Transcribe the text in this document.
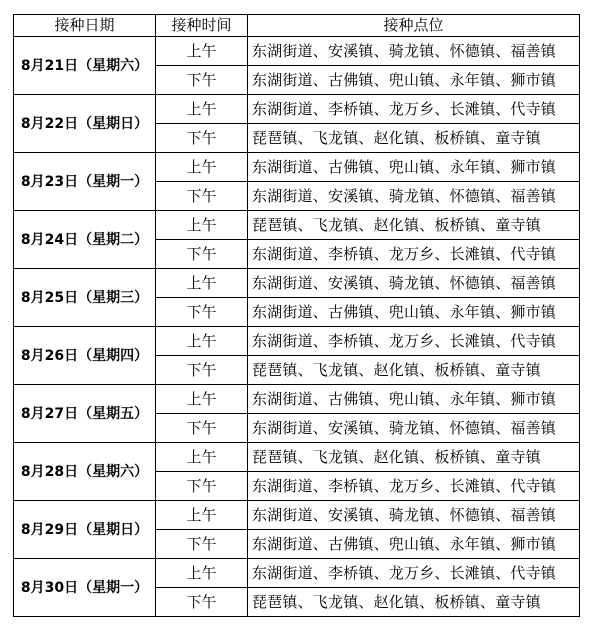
接种日期	接种时间	接种点位
8月21日（星期六）	上午	东湖街道、安溪镇、骑龙镇、怀德镇、福善镇
	下午	东湖街道、古佛镇、兜山镇、永年镇、狮市镇
8月22日（星期日）	上午	东湖街道、李桥镇、龙万乡、长滩镇、代寺镇
	下午	琵琶镇、飞龙镇、赵化镇、板桥镇、童寺镇
8月23日（星期一）	上午	东湖街道、古佛镇、兜山镇、永年镇、狮市镇
	下午	东湖街道、安溪镇、骑龙镇、怀德镇、福善镇
8月24日（星期二）	上午	琵琶镇、飞龙镇、赵化镇、板桥镇、童寺镇
	下午	东湖街道、李桥镇、龙万乡、长滩镇、代寺镇
8月25日（星期三）	上午	东湖街道、安溪镇、骑龙镇、怀德镇、福善镇
	下午	东湖街道、古佛镇、兜山镇、永年镇、狮市镇
8月26日（星期四）	上午	东湖街道、李桥镇、龙万乡、长滩镇、代寺镇
	下午	琵琶镇、飞龙镇、赵化镇、板桥镇、童寺镇
8月27日（星期五）	上午	东湖街道、古佛镇、兜山镇、永年镇、狮市镇
	下午	东湖街道、安溪镇、骑龙镇、怀德镇、福善镇
8月28日（星期六）	上午	琵琶镇、飞龙镇、赵化镇、板桥镇、童寺镇
	下午	东湖街道、李桥镇、龙万乡、长滩镇、代寺镇
8月29日（星期日）	上午	东湖街道、安溪镇、骑龙镇、怀德镇、福善镇
	下午	东湖街道、古佛镇、兜山镇、永年镇、狮市镇
8月30日（星期一）	上午	东湖街道、李桥镇、龙万乡、长滩镇、代寺镇
	下午	琵琶镇、飞龙镇、赵化镇、板桥镇、童寺镇
